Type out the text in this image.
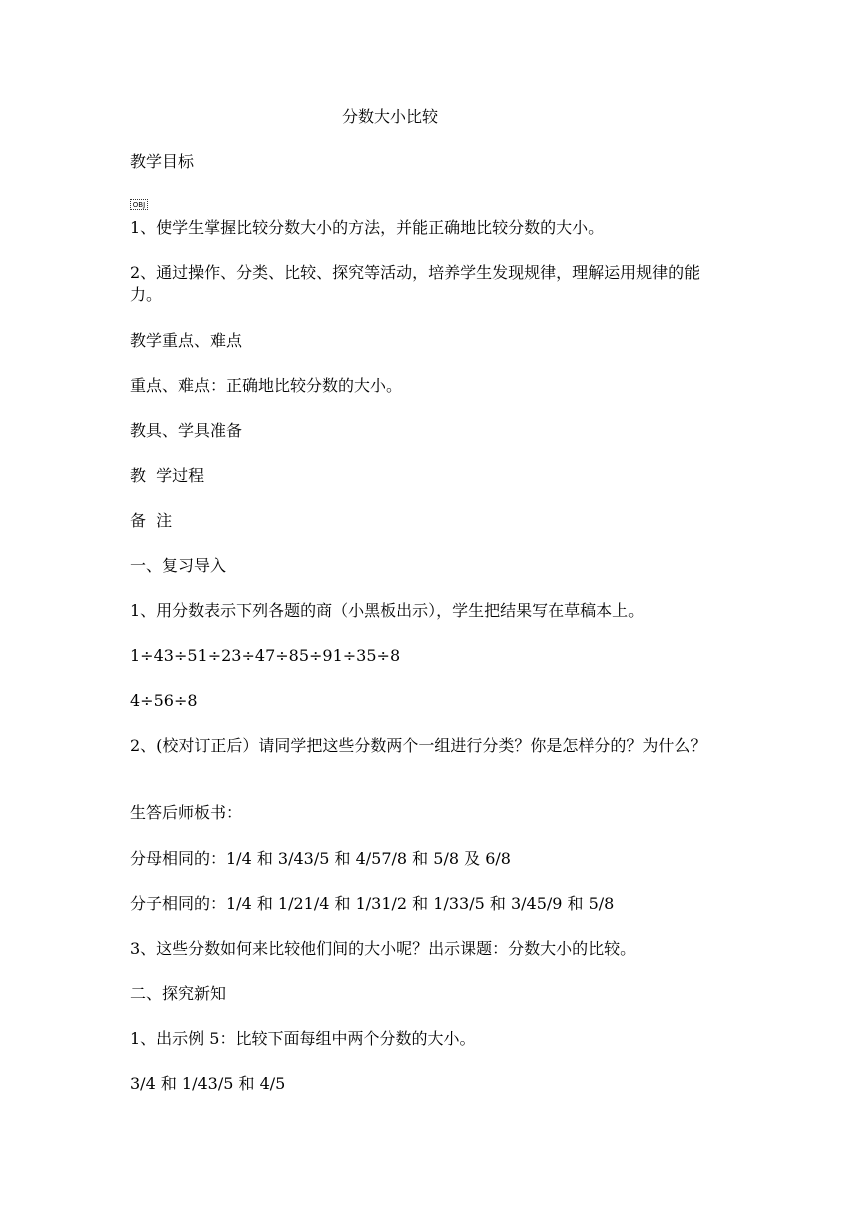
分数大小比较
教学目标
OBJ
1、使学生掌握比较分数大小的方法，并能正确地比较分数的大小。
2、通过操作、分类、比较、探究等活动，培养学生发现规律，理解运用规律的能力。
教学重点、难点
重点、难点：正确地比较分数的大小。
教具、学具准备
教  学过程
备  注
一、复习导入
1、用分数表示下列各题的商（小黑板出示），学生把结果写在草稿本上。
1÷43÷51÷23÷47÷85÷91÷35÷8
4÷56÷8
2、(校对订正后）请同学把这些分数两个一组进行分类？你是怎样分的？为什么？
生答后师板书：
分母相同的：1/4 和 3/43/5 和 4/57/8 和 5/8 及 6/8
分子相同的：1/4 和 1/21/4 和 1/31/2 和 1/33/5 和 3/45/9 和 5/8
3、这些分数如何来比较他们间的大小呢？出示课题：分数大小的比较。
二、探究新知
1、出示例 5：比较下面每组中两个分数的大小。
3/4 和 1/43/5 和 4/5
